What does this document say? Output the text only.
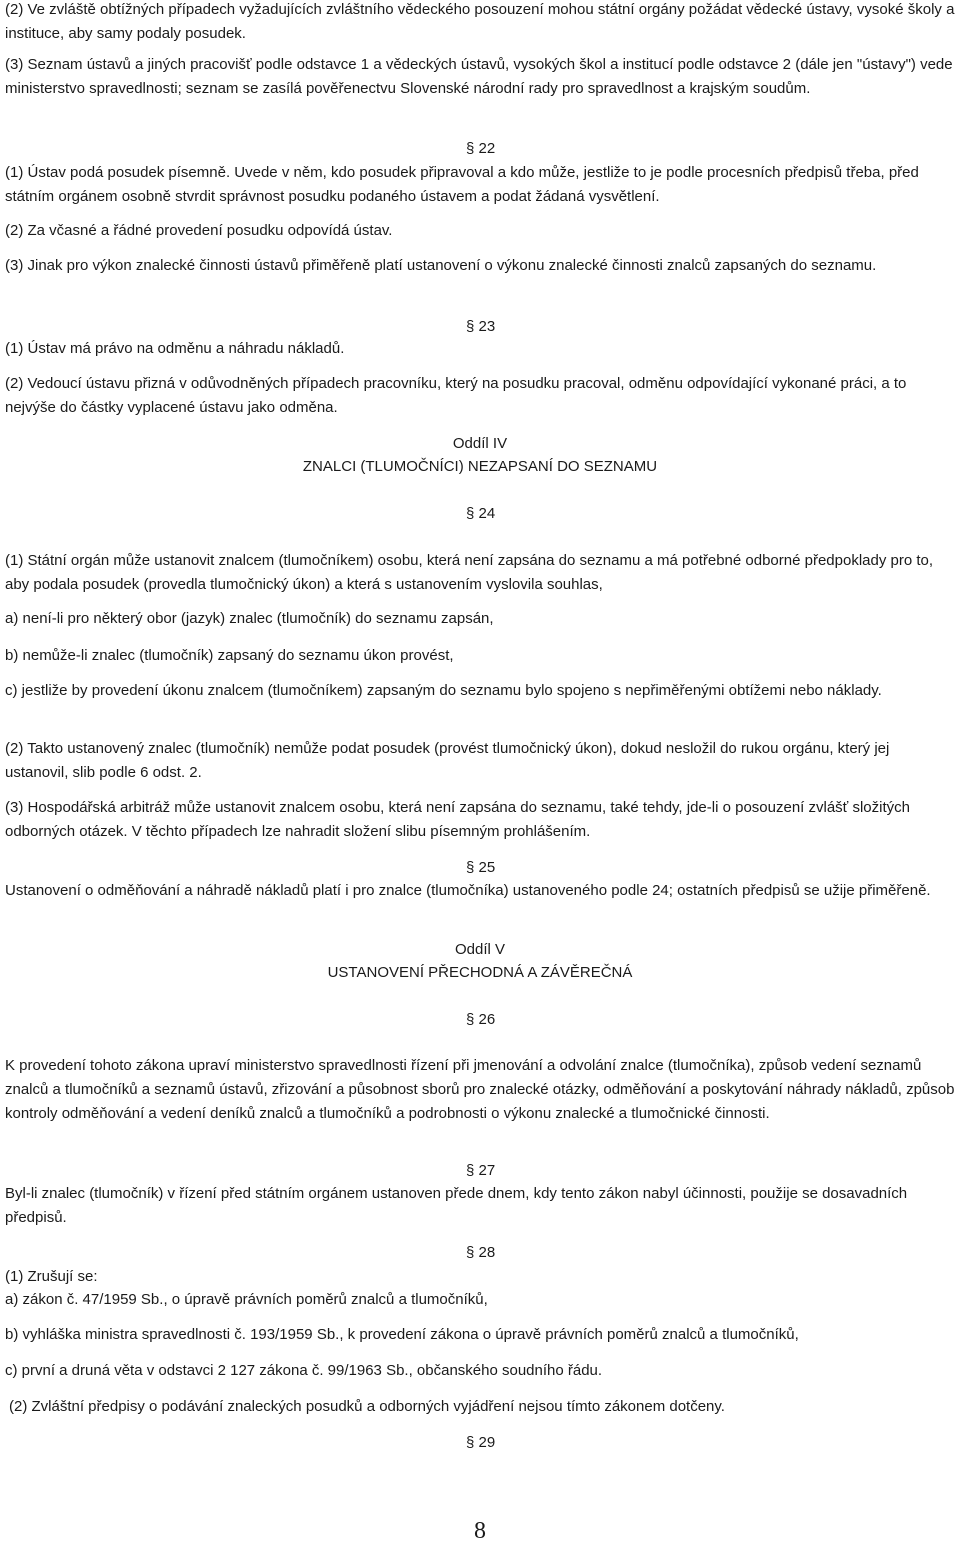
(2) Ve zvláště obtížných případech vyžadujících zvláštního vědeckého posouzení mohou státní orgány požádat vědecké ústavy, vysoké školy a instituce, aby samy podaly posudek.

(3) Seznam ústavů a jiných pracovišť podle odstavce 1 a vědeckých ústavů, vysokých škol a institucí podle odstavce 2 (dále jen "ústavy") vede ministerstvo spravedlnosti; seznam se zasílá pověřenectvu Slovenské národní rady pro spravedlnost a krajským soudům.

§ 22

(1) Ústav podá posudek písemně. Uvede v něm, kdo posudek připravoval a kdo může, jestliže to je podle procesních předpisů třeba, před státním orgánem osobně stvrdit správnost posudku podaného ústavem a podat žádaná vysvětlení.

(2) Za včasné a řádné provedení posudku odpovídá ústav.

(3) Jinak pro výkon znalecké činnosti ústavů přiměřeně platí ustanovení o výkonu znalecké činnosti znalců zapsaných do seznamu.

§ 23

(1) Ústav má právo na odměnu a náhradu nákladů.

(2) Vedoucí ústavu přizná v odůvodněných případech pracovníku, který na posudku pracoval, odměnu odpovídající vykonané práci, a to nejvýše do částky vyplacené ústavu jako odměna.

Oddíl IV

ZNALCI (TLUMOČNÍCI) NEZAPSANÍ DO SEZNAMU

§ 24

(1) Státní orgán může ustanovit znalcem (tlumočníkem) osobu, která není zapsána do seznamu a má potřebné odborné předpoklady pro to, aby podala posudek (provedla tlumočnický úkon) a která s ustanovením vyslovila souhlas,

a) není-li pro některý obor (jazyk) znalec (tlumočník) do seznamu zapsán,

b) nemůže-li znalec (tlumočník) zapsaný do seznamu úkon provést,

c) jestliže by provedení úkonu znalcem (tlumočníkem) zapsaným do seznamu bylo spojeno s nepřiměřenými obtížemi nebo náklady.

(2) Takto ustanovený znalec (tlumočník) nemůže podat posudek (provést tlumočnický úkon), dokud nesložil do rukou orgánu, který jej ustanovil, slib podle 6 odst. 2.

(3) Hospodářská arbitráž může ustanovit znalcem osobu, která není zapsána do seznamu, také tehdy, jde-li o posouzení zvlášť složitých odborných otázek. V těchto případech lze nahradit složení slibu písemným prohlášením.

§ 25

Ustanovení o odměňování a náhradě nákladů platí i pro znalce (tlumočníka) ustanoveného podle 24; ostatních předpisů se užije přiměřeně.

Oddíl V

USTANOVENÍ PŘECHODNÁ A ZÁVĚREČNÁ

§ 26

K provedení tohoto zákona upraví ministerstvo spravedlnosti řízení při jmenování a odvolání znalce (tlumočníka), způsob vedení seznamů znalců a tlumočníků a seznamů ústavů, zřizování a působnost sborů pro znalecké otázky, odměňování a poskytování náhrady nákladů, způsob kontroly odměňování a vedení deníků znalců a tlumočníků a podrobnosti o výkonu znalecké a tlumočnické činnosti.

§ 27

Byl-li znalec (tlumočník) v řízení před státním orgánem ustanoven přede dnem, kdy tento zákon nabyl účinnosti, použije se dosavadních předpisů.

§ 28

(1) Zrušují se:

a) zákon č. 47/1959 Sb., o úpravě právních poměrů znalců a tlumočníků,

b) vyhláška ministra spravedlnosti č. 193/1959 Sb., k provedení zákona o úpravě právních poměrů znalců a tlumočníků,

c) první a druná věta v odstavci 2 127 zákona č. 99/1963 Sb., občanského soudního řádu.

(2) Zvláštní předpisy o podávání znaleckých posudků a odborných vyjádření nejsou tímto zákonem dotčeny.

§ 29
8
